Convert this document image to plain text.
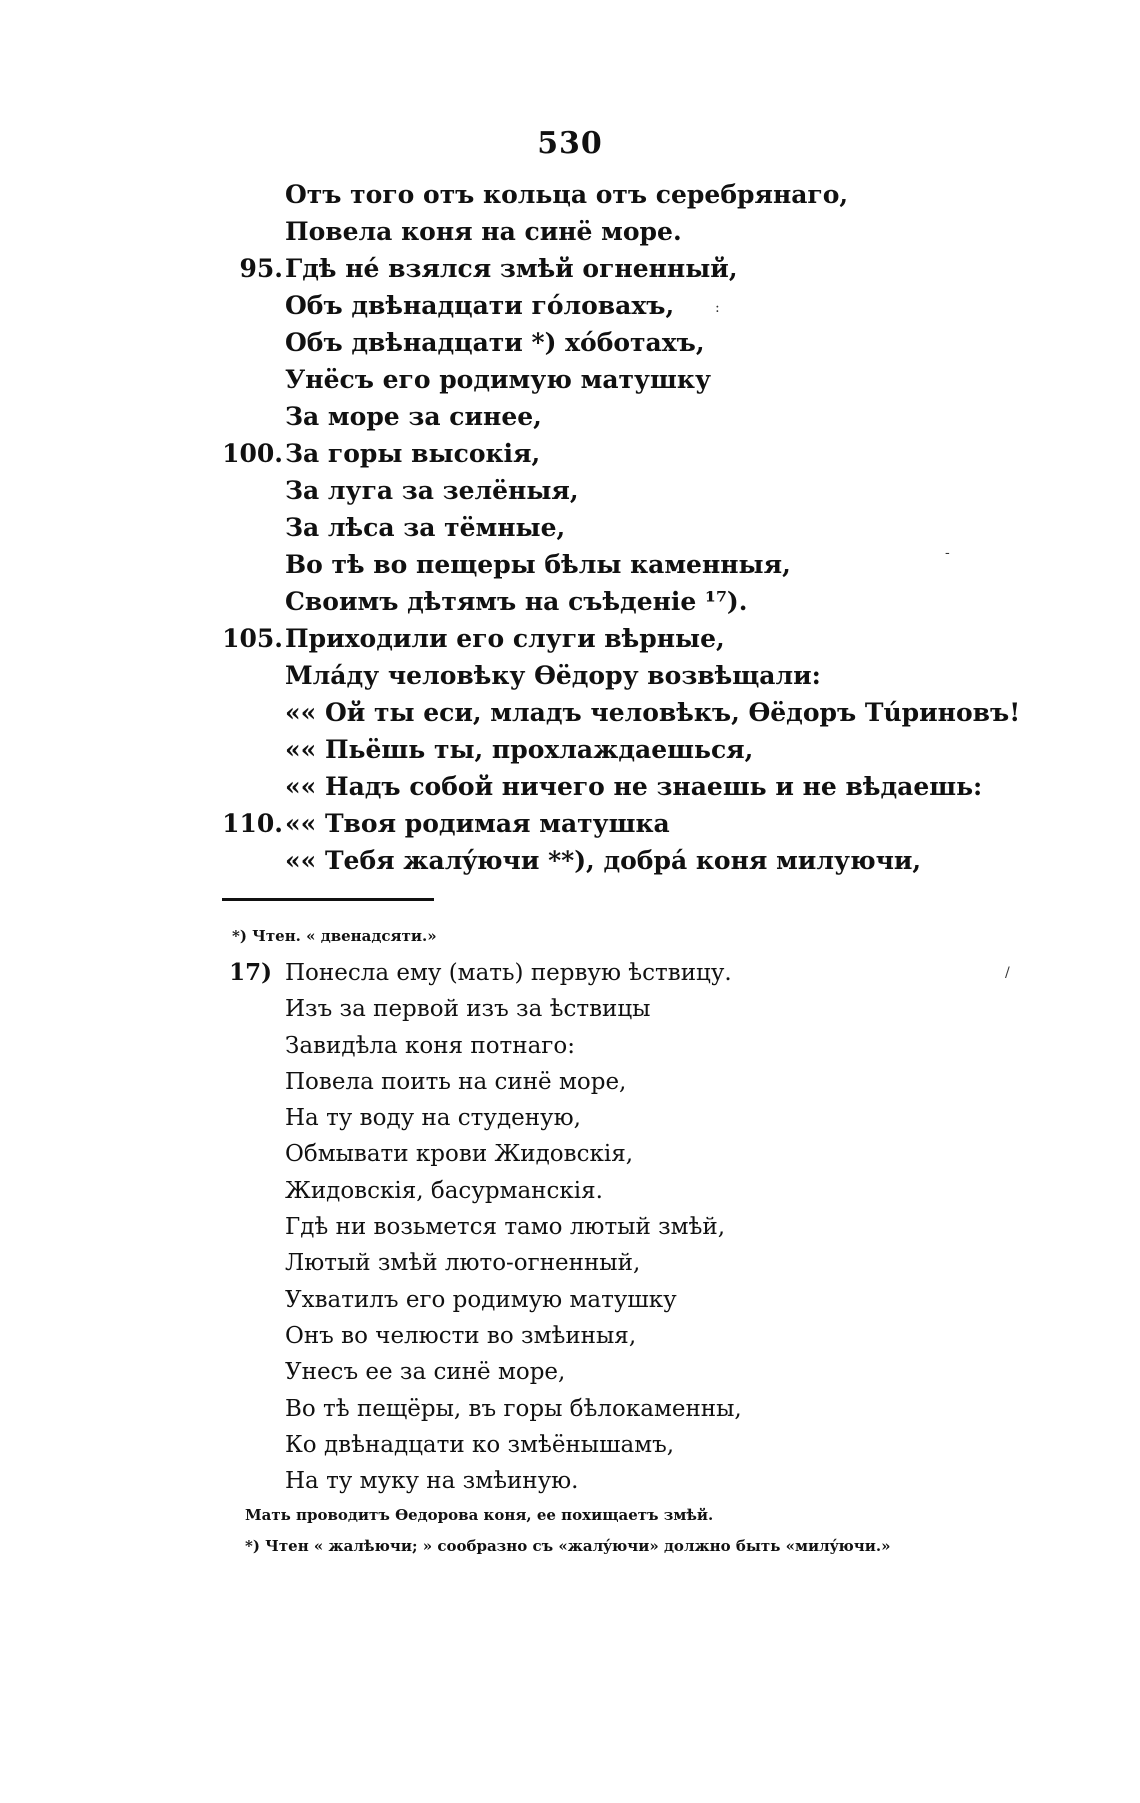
530
Отъ того отъ кольца отъ серебрянаго,
Повела коня на синё море.
95. Гдѣ нé взялся змѣй огненный,
Объ двѣнадцати гóловахъ,
Объ двѣнадцати *) хóботахъ,
Унёсъ его родимую матушку
За море за синее,
100. За горы высокія,
За луга за зелёныя,
За лѣса за тёмные,
Во тѣ во пещеры бѣлы каменныя,
Своимъ дѣтямъ на съѣденіе ¹⁷).
105. Приходили его слуги вѣрные,
Мла́ду человѣку Өёдору возвѣщали:
«« Ой ты еси, младъ человѣкъ, Өёдоръ Тúриновъ!
«« Пьёшь ты, прохлаждаешься,
«« Надъ собой ничего не знаешь и не вѣдаешь:
110. «« Твоя родимая матушка
«« Тебя жалýючи **), добрá коня милуючи,
*) Чтен. « двенадсяти.»
17) Понесла ему (мать) первую ѣствицу.
Изъ за первой изъ за ѣствицы
Завидѣла коня потнаго:
Повела поить на синё море,
На ту воду на студеную,
Обмывати крови Жидовскія,
Жидовскія, басурманскія.
Гдѣ ни возьмется тамо лютый змѣй,
Лютый змѣй люто-огненный,
Ухватилъ его родимую матушку
Онъ во челюсти во змѣиныя,
Унесъ ее за синё море,
Во тѣ пещёры, въ горы бѣлокаменны,
Ко двѣнадцати ко змѣёнышамъ,
На ту муку на змѣиную.
Мать проводитъ Өедорова коня, ее похищаетъ змѣй.
*) Чтен « жалѣючи; » сообразно съ «жалýючи» должно быть «милýючи.»
:
-
/
